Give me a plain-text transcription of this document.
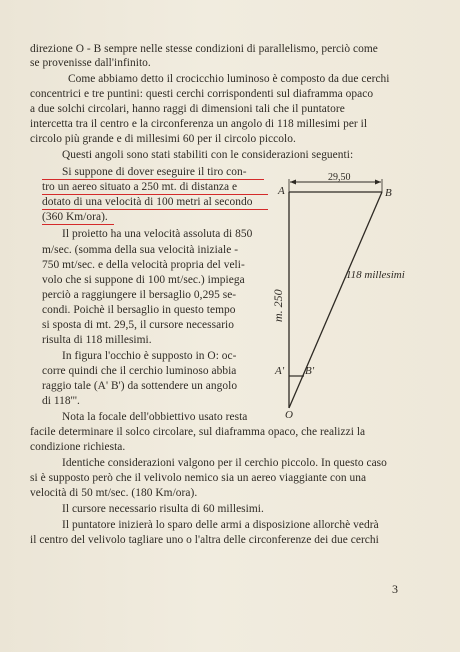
direzione O - B sempre nelle stesse condizioni di parallelismo, perciò come
se provenisse dall'infinito.
Come abbiamo detto il crocicchio luminoso è composto da due cerchi
concentrici e tre puntini: questi cerchi corrispondenti sul diaframma opaco
a due solchi circolari, hanno raggi di dimensioni tali che il puntatore
intercetta tra il centro e la circonferenza un angolo di 118 millesimi per il
circolo più grande e di millesimi 60 per il circolo piccolo.
Questi angoli sono stati stabiliti con le considerazioni seguenti:
Si suppone di dover eseguire il tiro con-
tro un aereo situato a 250 mt. di distanza e
dotato di una velocità di 100 metri al secondo
(360 Km/ora).
Il proietto ha una velocità assoluta di 850
m/sec. (somma della sua velocità iniziale -
750 mt/sec. e della velocità propria del veli-
volo che si suppone di 100 mt/sec.) impiega
perciò a raggiungere il bersaglio 0,295 se-
condi. Poichè il bersaglio in questo tempo
si sposta di mt. 29,5, il cursore necessario
risulta di 118 millesimi.
In figura l'occhio è supposto in O: oc-
corre quindi che il cerchio luminoso abbia
raggio tale (A' B') da sottendere un angolo
di 118'''.
Nota la focale dell'obbiettivo usato resta
facile determinare il solco circolare, sul diaframma opaco, che realizzi la
condizione richiesta.
Identiche considerazioni valgono per il cerchio piccolo. In questo caso
si è supposto però che il velivolo nemico sia un aereo viaggiante con una
velocità di 50 mt/sec. (180 Km/ora).
Il cursore necessario risulta di 60 millesimi.
Il puntatore inizierà lo sparo delle armi a disposizione allorchè vedrà
il centro del velivolo tagliare uno o l'altra delle circonferenze dei due cerchi
29,50
A	B
m. 250
118 millesimi
A' B'
O
3
